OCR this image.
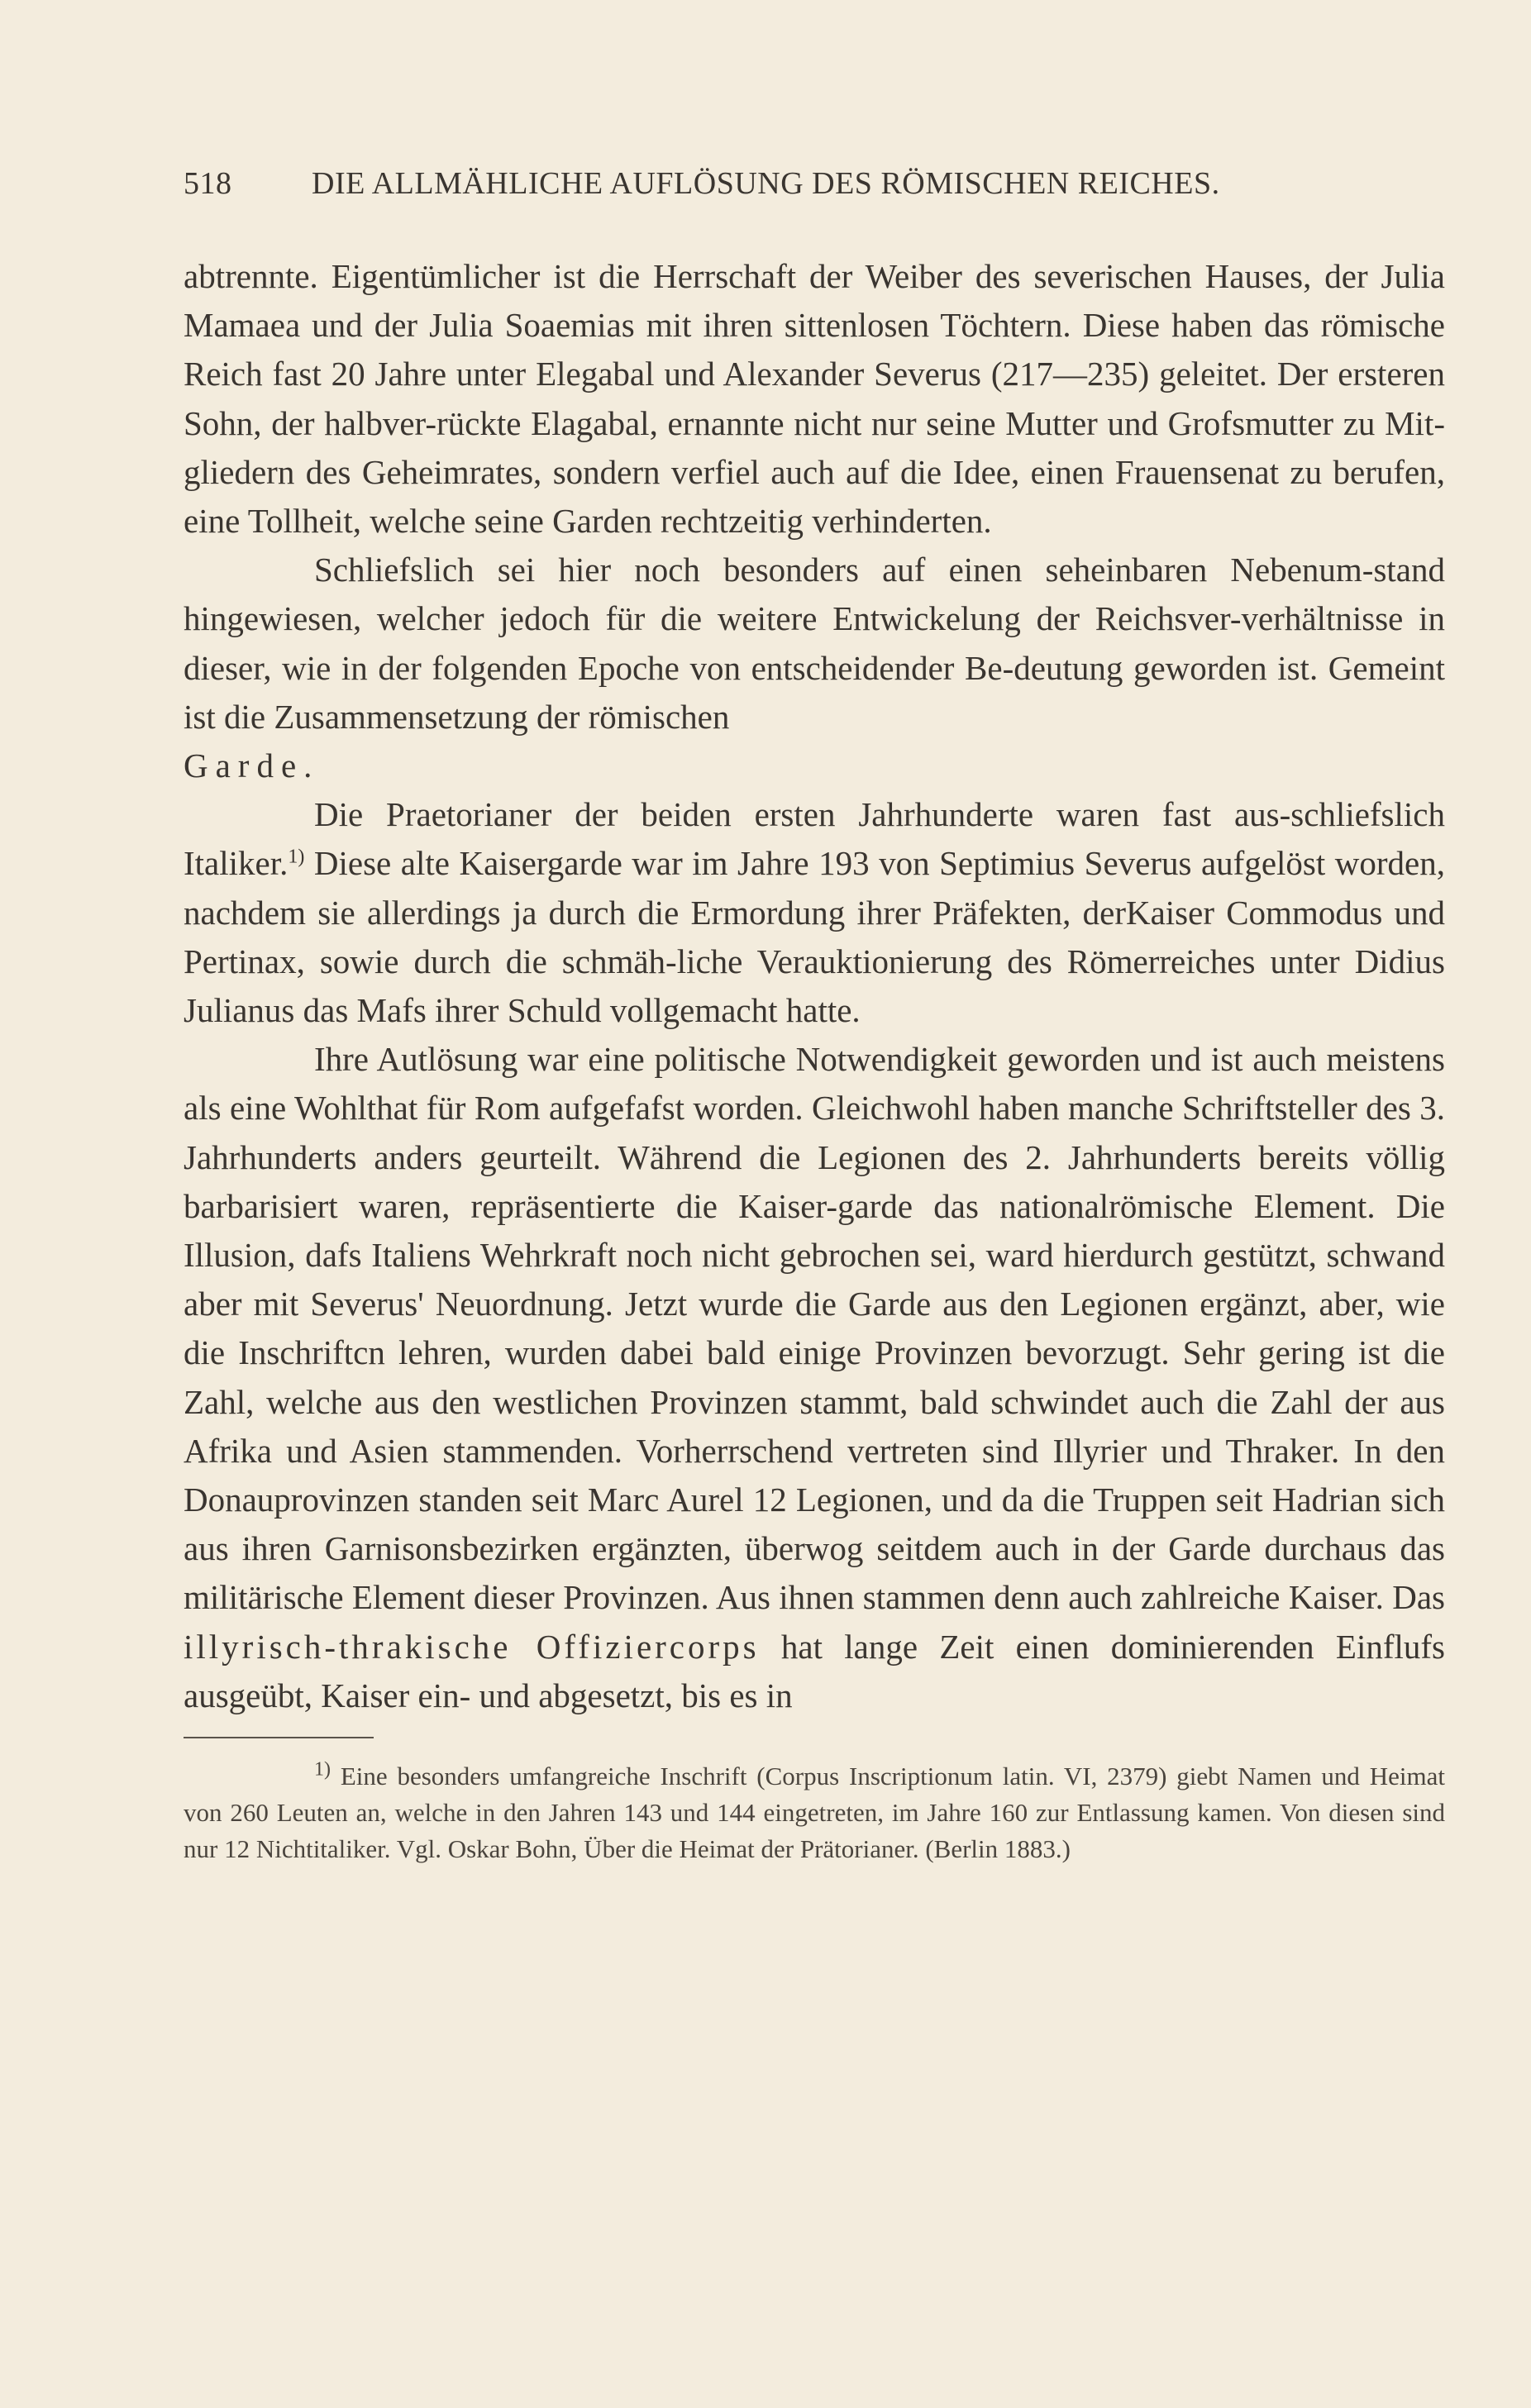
518	DIE ALLMÄHLICHE AUFLÖSUNG DES RÖMISCHEN REICHES.

abtrennte. Eigentümlicher ist die Herrschaft der Weiber des severischen Hauses, der Julia Mamaea und der Julia Soaemias mit ihren sittenlosen Töchtern. Diese haben das römische Reich fast 20 Jahre unter Elegabal und Alexander Severus (217—235) geleitet. Der ersteren Sohn, der halbver-rückte Elagabal, ernannte nicht nur seine Mutter und Grofsmutter zu Mit-gliedern des Geheimrates, sondern verfiel auch auf die Idee, einen Frauensenat zu berufen, eine Tollheit, welche seine Garden rechtzeitig verhinderten.

Schliefslich sei hier noch besonders auf einen seheinbaren Nebenum-stand hingewiesen, welcher jedoch für die weitere Entwickelung der Reichsver-verhältnisse in dieser, wie in der folgenden Epoche von entscheidender Be-deutung geworden ist. Gemeint ist die Zusammensetzung der römischen
Garde.

Die Praetorianer der beiden ersten Jahrhunderte waren fast aus-schliefslich Italiker.$^{1)}$ Diese alte Kaisergarde war im Jahre 193 von Septimius Severus aufgelöst worden, nachdem sie allerdings ja durch die Ermordung ihrer Präfekten, derKaiser Commodus und Pertinax, sowie durch die schmäh-liche Verauktionierung des Römerreiches unter Didius Julianus das Mafs ihrer Schuld vollgemacht hatte.

Ihre Autlösung war eine politische Notwendigkeit geworden und ist auch meistens als eine Wohlthat für Rom aufgefafst worden. Gleichwohl haben manche Schriftsteller des 3. Jahrhunderts anders geurteilt. Während die Legionen des 2. Jahrhunderts bereits völlig barbarisiert waren, repräsentierte die Kaiser-garde das nationalrömische Element. Die Illusion, dafs Italiens Wehrkraft noch nicht gebrochen sei, ward hierdurch gestützt, schwand aber mit Severus' Neuordnung. Jetzt wurde die Garde aus den Legionen ergänzt, aber, wie die Inschriftcn lehren, wurden dabei bald einige Provinzen bevorzugt. Sehr gering ist die Zahl, welche aus den westlichen Provinzen stammt, bald schwindet auch die Zahl der aus Afrika und Asien stammenden. Vorherrschend vertreten sind Illyrier und Thraker. In den Donauprovinzen standen seit Marc Aurel 12 Legionen, und da die Truppen seit Hadrian sich aus ihren Garnisonsbezirken ergänzten, überwog seitdem auch in der Garde durchaus das militärische Element dieser Provinzen. Aus ihnen stammen denn auch zahlreiche Kaiser. Das illyrisch-thrakische Offiziercorps hat lange Zeit einen dominierenden Einflufs ausgeübt, Kaiser ein- und abgesetzt, bis es in

$^{1)}$ Eine besonders umfangreiche Inschrift (Corpus Inscriptionum latin. VI, 2379) giebt Namen und Heimat von 260 Leuten an, welche in den Jahren 143 und 144 eingetreten, im Jahre 160 zur Entlassung kamen. Von diesen sind nur 12 Nichtitaliker. Vgl. Oskar Bohn, Über die Heimat der Prätorianer. (Berlin 1883.)
